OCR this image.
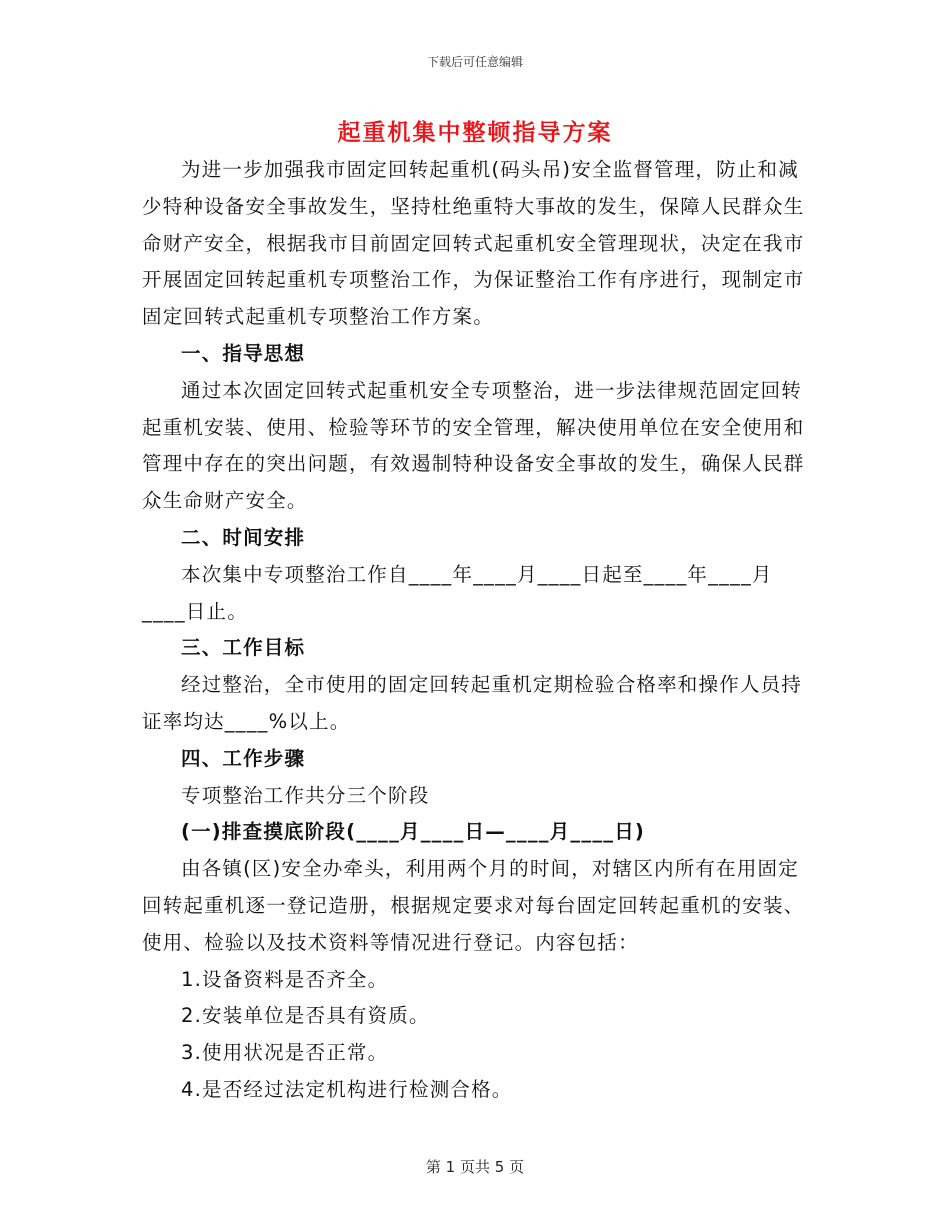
下载后可任意编辑
起重机集中整顿指导方案

为进一步加强我市固定回转起重机(码头吊)安全监督管理，防止和减少特种设备安全事故发生，坚持杜绝重特大事故的发生，保障人民群众生命财产安全，根据我市目前固定回转式起重机安全管理现状，决定在我市开展固定回转起重机专项整治工作，为保证整治工作有序进行，现制定市固定回转式起重机专项整治工作方案。

一、指导思想

通过本次固定回转式起重机安全专项整治，进一步法律规范固定回转起重机安装、使用、检验等环节的安全管理，解决使用单位在安全使用和管理中存在的突出问题，有效遏制特种设备安全事故的发生，确保人民群众生命财产安全。

二、时间安排

本次集中专项整治工作自____年____月____日起至____年____月____日止。

三、工作目标

经过整治，全市使用的固定回转起重机定期检验合格率和操作人员持证率均达____%以上。

四、工作步骤

专项整治工作共分三个阶段

(一)排查摸底阶段(____月____日—____月____日)

由各镇(区)安全办牵头，利用两个月的时间，对辖区内所有在用固定回转起重机逐一登记造册，根据规定要求对每台固定回转起重机的安装、使用、检验以及技术资料等情况进行登记。内容包括：

1.设备资料是否齐全。

2.安装单位是否具有资质。

3.使用状况是否正常。

4.是否经过法定机构进行检测合格。

第 1 页共 5 页
